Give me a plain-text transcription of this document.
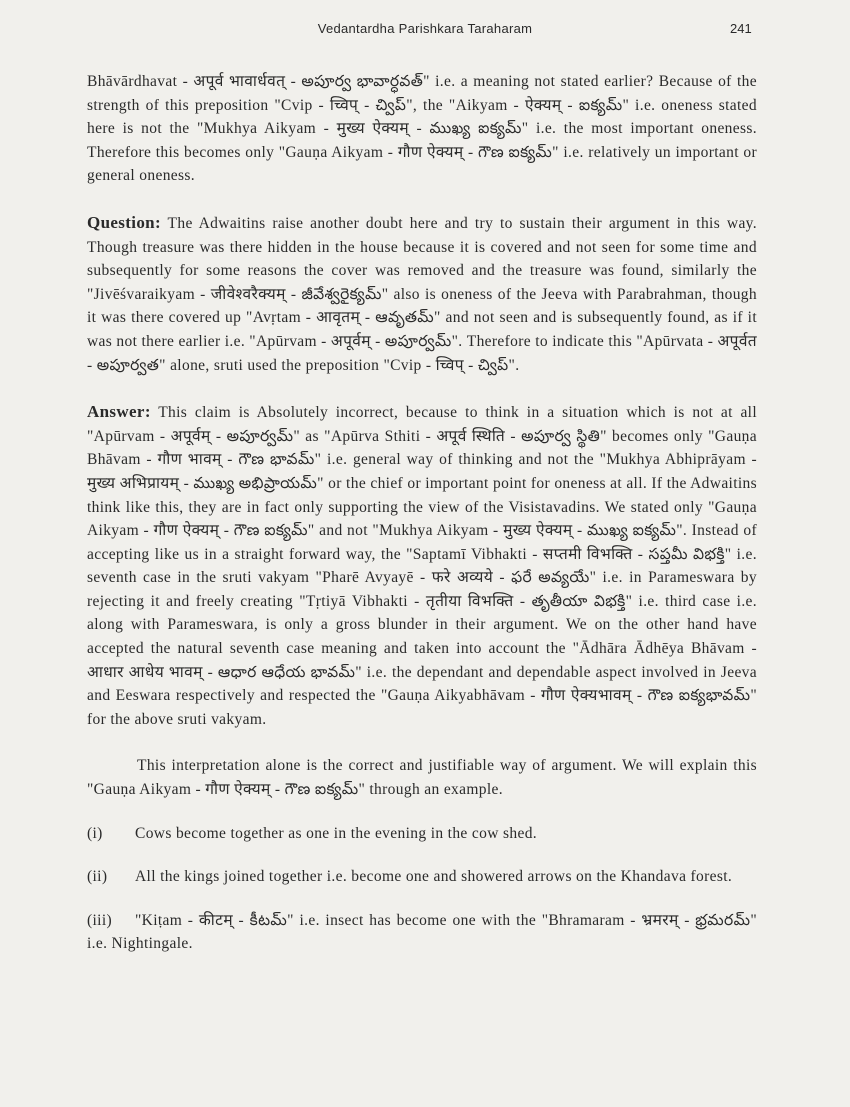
Vedantardha Parishkara Taraharam	241

Bhāvārdhavat - अपूर्व भावार्धवत् - అపూర్వ భావార్ధవత్" i.e. a meaning not stated earlier? Because of the strength of this preposition "Cvip - च्विप् - చ్విప్", the "Aikyam - ऐक्यम् - ఐక్యమ్" i.e. oneness stated here is not the "Mukhya Aikyam - मुख्य ऐक्यम् - ముఖ్య ఐక్యమ్" i.e. the most important oneness. Therefore this becomes only "Gauṇa Aikyam - गौण ऐक्यम् - గౌణ ఐక్యమ్" i.e. relatively un important or general oneness.

Question: The Adwaitins raise another doubt here and try to sustain their argument in this way. Though treasure was there hidden in the house because it is covered and not seen for some time and subsequently for some reasons the cover was removed and the treasure was found, similarly the "Jivēśvaraikyam - जीवेश्वरैक्यम् - జీవేశ్వరైక్యమ్" also is oneness of the Jeeva with Parabrahman, though it was there covered up "Avṛtam - आवृतम् - ఆవృతమ్" and not seen and is subsequently found, as if it was not there earlier i.e. "Apūrvam - अपूर्वम् - అపూర్వమ్". Therefore to indicate this "Apūrvata - अपूर्वत - అపూర్వత" alone, sruti used the preposition "Cvip - च्विप् - చ్విప్".

Answer: This claim is Absolutely incorrect, because to think in a situation which is not at all "Apūrvam - अपूर्वम् - అపూర్వమ్" as "Apūrva Sthiti - अपूर्व स्थिति - అపూర్వ స్థితి" becomes only "Gauṇa Bhāvam - गौण भावम् - గౌణ భావమ్" i.e. general way of thinking and not the "Mukhya Abhiprāyam - मुख्य अभिप्रायम् - ముఖ్య అభిప్రాయమ్" or the chief or important point for oneness at all. If the Adwaitins think like this, they are in fact only supporting the view of the Visistavadins. We stated only "Gauṇa Aikyam - गौण ऐक्यम् - గౌణ ఐక్యమ్" and not "Mukhya Aikyam - मुख्य ऐक्यम् - ముఖ్య ఐక్యమ్". Instead of accepting like us in a straight forward way, the "Saptamī Vibhakti - सप्तमी विभक्ति - సప్తమీ విభక్తి" i.e. seventh case in the sruti vakyam "Pharē Avyayē - फरे अव्यये - ఫరే అవ్యయే" i.e. in Parameswara by rejecting it and freely creating "Tṛtiyā Vibhakti - तृतीया विभक्ति - తృతీయా విభక్తి" i.e. third case i.e. along with Parameswara, is only a gross blunder in their argument. We on the other hand have accepted the natural seventh case meaning and taken into account the "Ādhāra Ādhēya Bhāvam - आधार आधेय भावम् - ఆధార ఆధేయ భావమ్" i.e. the dependant and dependable aspect involved in Jeeva and Eeswara respectively and respected the "Gauṇa Aikyabhāvam - गौण ऐक्यभावम् - గౌణ ఐక్యభావమ్" for the above sruti vakyam.

This interpretation alone is the correct and justifiable way of argument. We will explain this "Gauṇa Aikyam - गौण ऐक्यम् - గౌణ ఐక్యమ్" through an example.

(i) Cows become together as one in the evening in the cow shed.

(ii) All the kings joined together i.e. become one and showered arrows on the Khandava forest.

(iii) "Kiṭam - कीटम् - కీటమ్" i.e. insect has become one with the "Bhramaram - भ्रमरम् - భ్రమరమ్" i.e. Nightingale.
